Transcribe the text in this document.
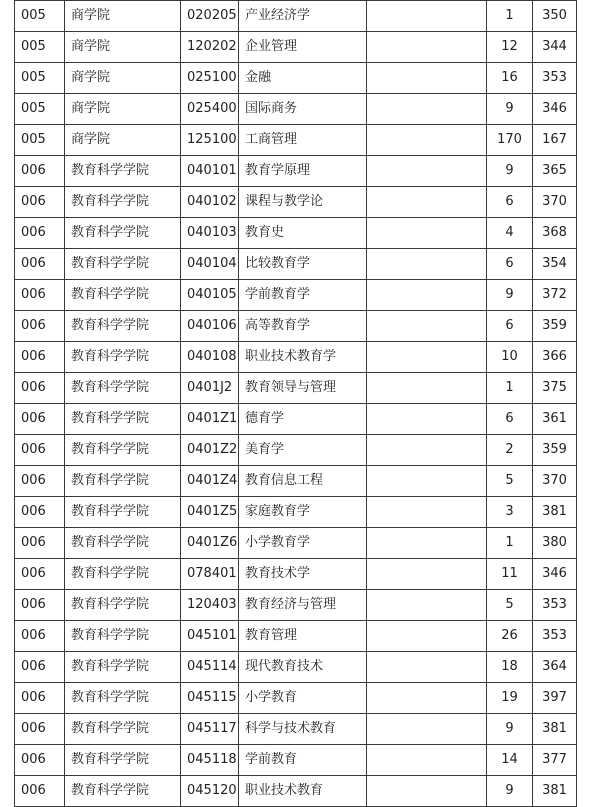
005	商学院	020205	产业经济学		1	350
005	商学院	120202	企业管理		12	344
005	商学院	025100	金融		16	353
005	商学院	025400	国际商务		9	346
005	商学院	125100	工商管理		170	167
006	教育科学学院	040101	教育学原理		9	365
006	教育科学学院	040102	课程与教学论		6	370
006	教育科学学院	040103	教育史		4	368
006	教育科学学院	040104	比较教育学		6	354
006	教育科学学院	040105	学前教育学		9	372
006	教育科学学院	040106	高等教育学		6	359
006	教育科学学院	040108	职业技术教育学		10	366
006	教育科学学院	0401J2	教育领导与管理		1	375
006	教育科学学院	0401Z1	德育学		6	361
006	教育科学学院	0401Z2	美育学		2	359
006	教育科学学院	0401Z4	教育信息工程		5	370
006	教育科学学院	0401Z5	家庭教育学		3	381
006	教育科学学院	0401Z6	小学教育学		1	380
006	教育科学学院	078401	教育技术学		11	346
006	教育科学学院	120403	教育经济与管理		5	353
006	教育科学学院	045101	教育管理		26	353
006	教育科学学院	045114	现代教育技术		18	364
006	教育科学学院	045115	小学教育		19	397
006	教育科学学院	045117	科学与技术教育		9	381
006	教育科学学院	045118	学前教育		14	377
006	教育科学学院	045120	职业技术教育		9	381
